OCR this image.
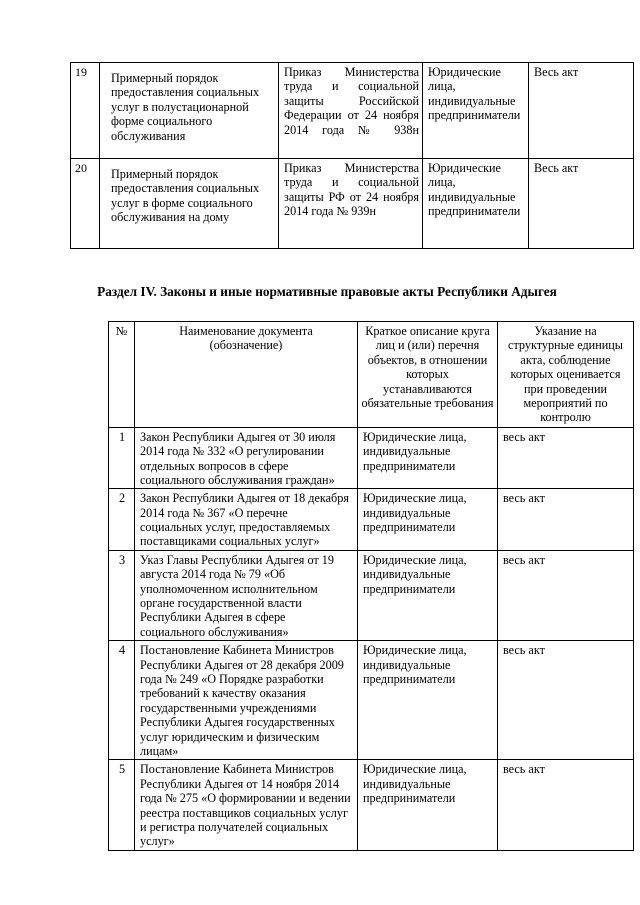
19	Примерный порядок предоставления социальных услуг в полустационарной форме социального обслуживания	Приказ Министерства
труда и социальной
защиты Российской
Федерации от 24 ноября
2014 года № 938н	Юридические лица, индивидуальные предприниматели	Весь акт
20	Примерный порядок предоставления социальных услуг в форме социального обслуживания на дому	Приказ Министерства
труда и социальной
защиты РФ от 24 ноября
2014 года № 939н	Юридические лица, индивидуальные предприниматели	Весь акт
Раздел IV. Законы и иные нормативные правовые акты Республики Адыгея
№	Наименование документа
(обозначение)	Краткое описание круга лиц и (или) перечня объектов, в отношении которых устанавливаются обязательные требования	Указание на структурные единицы акта, соблюдение которых оценивается при проведении мероприятий по контролю
1	Закон Республики Адыгея от 30 июля 2014 года № 332 «О регулировании отдельных вопросов в сфере социального обслуживания граждан»	Юридические лица, индивидуальные предприниматели	весь акт
2	Закон Республики Адыгея от 18 декабря 2014 года № 367 «О перечне социальных услуг, предоставляемых поставщиками социальных услуг»	Юридические лица, индивидуальные предприниматели	весь акт
3	Указ Главы Республики Адыгея от 19 августа 2014 года № 79 «Об уполномоченном исполнительном органе государственной власти Республики Адыгея в сфере социального обслуживания»	Юридические лица, индивидуальные предприниматели	весь акт
4	Постановление Кабинета Министров Республики Адыгея от 28 декабря 2009 года № 249 «О Порядке разработки требований к качеству оказания государственными учреждениями Республики Адыгея государственных услуг юридическим и физическим лицам»	Юридические лица, индивидуальные предприниматели	весь акт
5	Постановление Кабинета Министров Республики Адыгея от 14 ноября 2014 года № 275 «О формировании и ведении реестра поставщиков социальных услуг и регистра получателей социальных услуг»	Юридические лица, индивидуальные предприниматели	весь акт
